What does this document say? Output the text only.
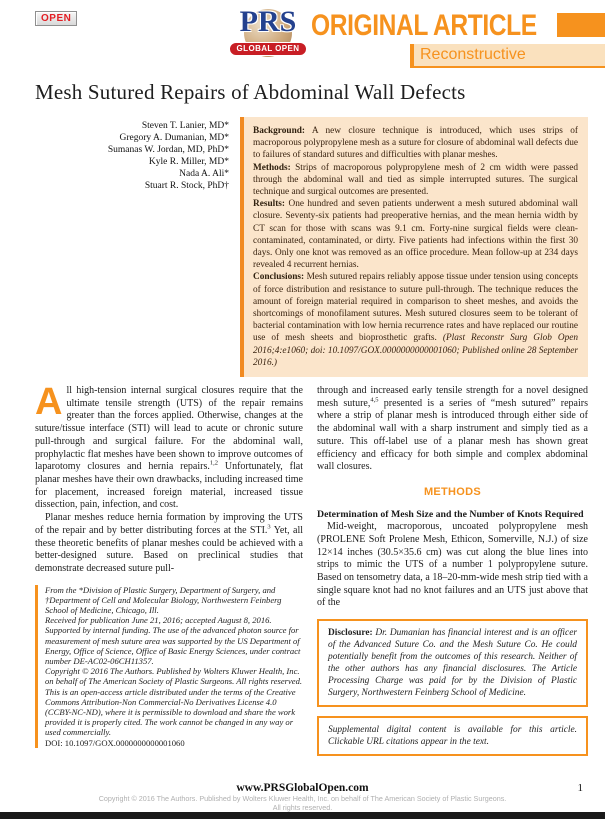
OPEN	PRS
GLOBAL OPEN
ORIGINAL ARTICLE
Reconstructive
Mesh Sutured Repairs of Abdominal Wall Defects
Steven T. Lanier, MD*
Gregory A. Dumanian, MD*
Sumanas W. Jordan, MD, PhD*
Kyle R. Miller, MD*
Nada A. Ali*
Stuart R. Stock, PhD†

Background: A new closure technique is introduced, which uses strips of macroporous polypropylene mesh as a suture for closure of abdominal wall defects due to failures of standard sutures and difficulties with planar meshes.

Methods: Strips of macroporous polypropylene mesh of 2 cm width were passed through the abdominal wall and tied as simple interrupted sutures. The surgical technique and surgical outcomes are presented.

Results: One hundred and seven patients underwent a mesh sutured abdominal wall closure. Seventy-six patients had preoperative hernias, and the mean hernia width by CT scan for those with scans was 9.1 cm. Forty-nine surgical fields were clean-contaminated, contaminated, or dirty. Five patients had infections within the first 30 days. Only one knot was removed as an office procedure. Mean follow-up at 234 days revealed 4 recurrent hernias.

Conclusions: Mesh sutured repairs reliably appose tissue under tension using concepts of force distribution and resistance to suture pull-through. The technique reduces the amount of foreign material required in comparison to sheet meshes, and avoids the shortcomings of monofilament sutures. Mesh sutured closures seem to be tolerant of bacterial contamination with low hernia recurrence rates and have replaced our routine use of mesh sheets and bioprosthetic grafts. (Plast Reconstr Surg Glob Open 2016;4:e1060; doi: 10.1097/GOX.0000000000001060; Published online 28 September 2016.)

All high-tension internal surgical closures require that the ultimate tensile strength (UTS) of the repair remains greater than the forces applied. Otherwise, changes at the suture/tissue interface (STI) will lead to acute or chronic suture pull-through and surgical failure. For the abdominal wall, prophylactic flat meshes have been shown to improve outcomes of laparotomy closures and hernia repairs.$^{1,2}$ Unfortunately, flat planar meshes have their own drawbacks, including increased time for placement, increased foreign material, increased tissue dissection, pain, infection, and cost.

Planar meshes reduce hernia formation by improving the UTS of the repair and by better distributing forces at the STI.$^3$ Yet, all these theoretic benefits of planar meshes could be achieved with a better-designed suture. Based on preclinical studies that demonstrate decreased suture pull-

From the *Division of Plastic Surgery, Department of Surgery, and †Department of Cell and Molecular Biology, Northwestern Feinberg School of Medicine, Chicago, Ill.

Received for publication June 21, 2016; accepted August 8, 2016.

Supported by internal funding. The use of the advanced photon source for measurement of mesh suture area was supported by the US Department of Energy, Office of Science, Office of Basic Energy Sciences, under contract number DE-AC02-06CH11357.

Copyright © 2016 The Authors. Published by Wolters Kluwer Health, Inc. on behalf of The American Society of Plastic Surgeons. All rights reserved. This is an open-access article distributed under the terms of the Creative Commons Attribution-Non Commercial-No Derivatives License 4.0 (CCBY-NC-ND), where it is permissible to download and share the work provided it is properly cited. The work cannot be changed in any way or used commercially.

DOI: 10.1097/GOX.0000000000001060

through and increased early tensile strength for a novel designed mesh suture,$^{4,5}$ presented is a series of “mesh sutured” repairs where a strip of planar mesh is introduced through either side of the abdominal wall with a sharp instrument and simply tied as a suture. This off-label use of a planar mesh has shown great efficiency and efficacy for both simple and complex abdominal wall closures.

METHODS

Determination of Mesh Size and the Number of Knots Required

Mid-weight, macroporous, uncoated polypropylene mesh (PROLENE Soft Prolene Mesh, Ethicon, Somerville, N.J.) of size 12×14 inches (30.5×35.6 cm) was cut along the blue lines into strips to mimic the UTS of a number 1 polypropylene suture. Based on tensometry data, a 18–20-mm-wide mesh strip tied with a single square knot had no knot failures and an UTS just above that of the

Disclosure: Dr. Dumanian has financial interest and is an officer of the Advanced Suture Co. and the Mesh Suture Co. He could potentially benefit from the outcomes of this research. Neither of the other authors has any financial disclosures. The Article Processing Charge was paid for by the Division of Plastic Surgery, Northwestern Feinberg School of Medicine.
Supplemental digital content is available for this article. Clickable URL citations appear in the text.
www.PRSGlobalOpen.com	1
Copyright © 2016 The Authors. Published by Wolters Kluwer Health, Inc. on behalf of The American Society of Plastic Surgeons.
All rights reserved.
